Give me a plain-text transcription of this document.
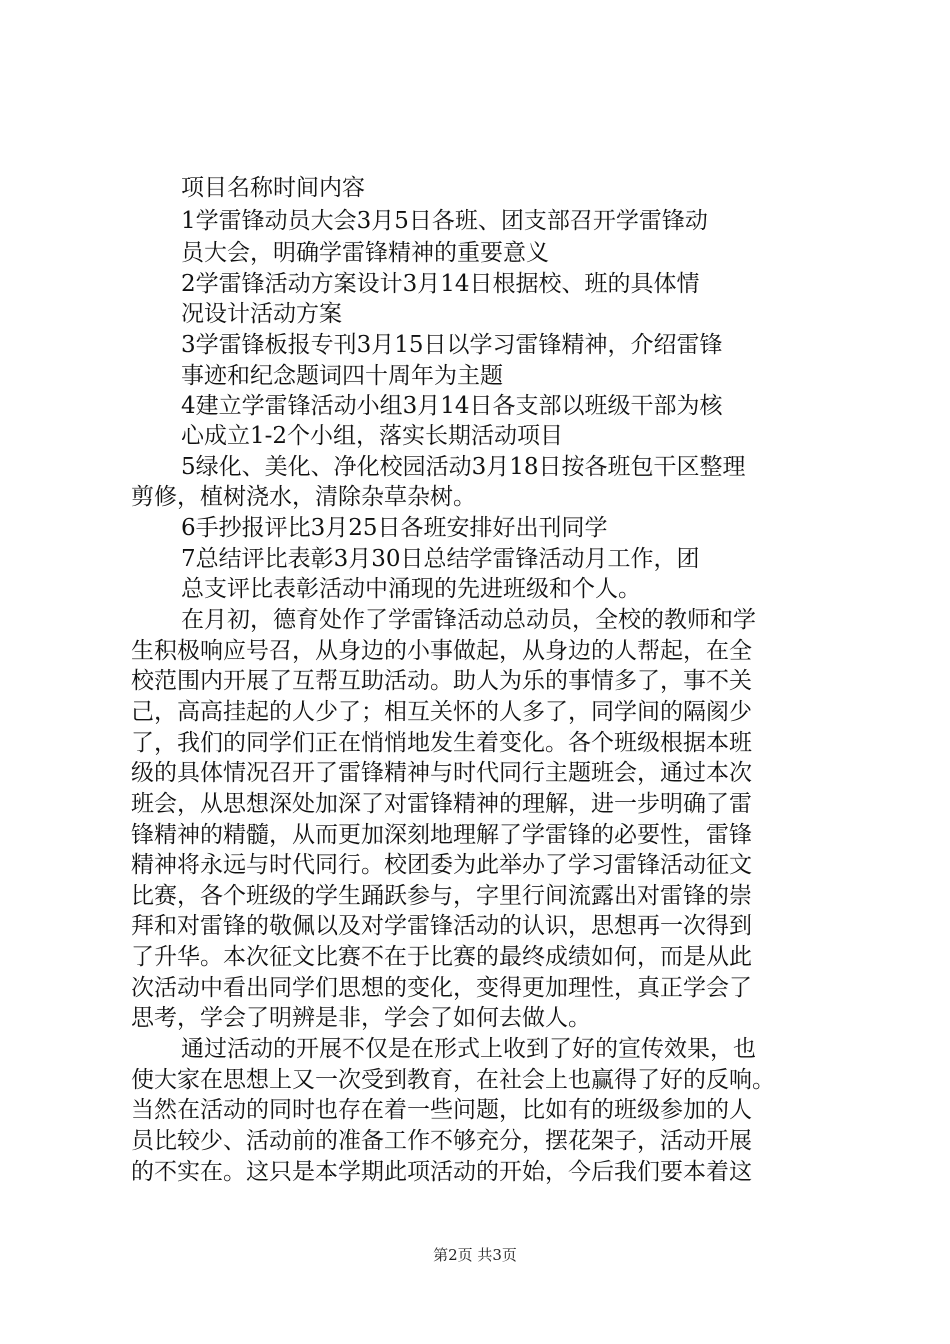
项目名称时间内容
1学雷锋动员大会3月5日各班、团支部召开学雷锋动
员大会，明确学雷锋精神的重要意义
2学雷锋活动方案设计3月14日根据校、班的具体情
况设计活动方案
3学雷锋板报专刊3月15日以学习雷锋精神，介绍雷锋
事迹和纪念题词四十周年为主题
4建立学雷锋活动小组3月14日各支部以班级干部为核
心成立1-2个小组，落实长期活动项目
5绿化、美化、净化校园活动3月18日按各班包干区整理
剪修，植树浇水，清除杂草杂树。
6手抄报评比3月25日各班安排好出刊同学
7总结评比表彰3月30日总结学雷锋活动月工作，团
总支评比表彰活动中涌现的先进班级和个人。
在月初，德育处作了学雷锋活动总动员，全校的教师和学
生积极响应号召，从身边的小事做起，从身边的人帮起，在全
校范围内开展了互帮互助活动。助人为乐的事情多了，事不关
己，高高挂起的人少了；相互关怀的人多了，同学间的隔阂少
了，我们的同学们正在悄悄地发生着变化。各个班级根据本班
级的具体情况召开了雷锋精神与时代同行主题班会，通过本次
班会，从思想深处加深了对雷锋精神的理解，进一步明确了雷
锋精神的精髓，从而更加深刻地理解了学雷锋的必要性，雷锋
精神将永远与时代同行。校团委为此举办了学习雷锋活动征文
比赛，各个班级的学生踊跃参与，字里行间流露出对雷锋的崇
拜和对雷锋的敬佩以及对学雷锋活动的认识，思想再一次得到
了升华。本次征文比赛不在于比赛的最终成绩如何，而是从此
次活动中看出同学们思想的变化，变得更加理性，真正学会了
思考，学会了明辨是非，学会了如何去做人。
通过活动的开展不仅是在形式上收到了好的宣传效果，也
使大家在思想上又一次受到教育，在社会上也赢得了好的反响。
当然在活动的同时也存在着一些问题，比如有的班级参加的人
员比较少、活动前的准备工作不够充分，摆花架子，活动开展
的不实在。这只是本学期此项活动的开始，今后我们要本着这
第2页 共3页
